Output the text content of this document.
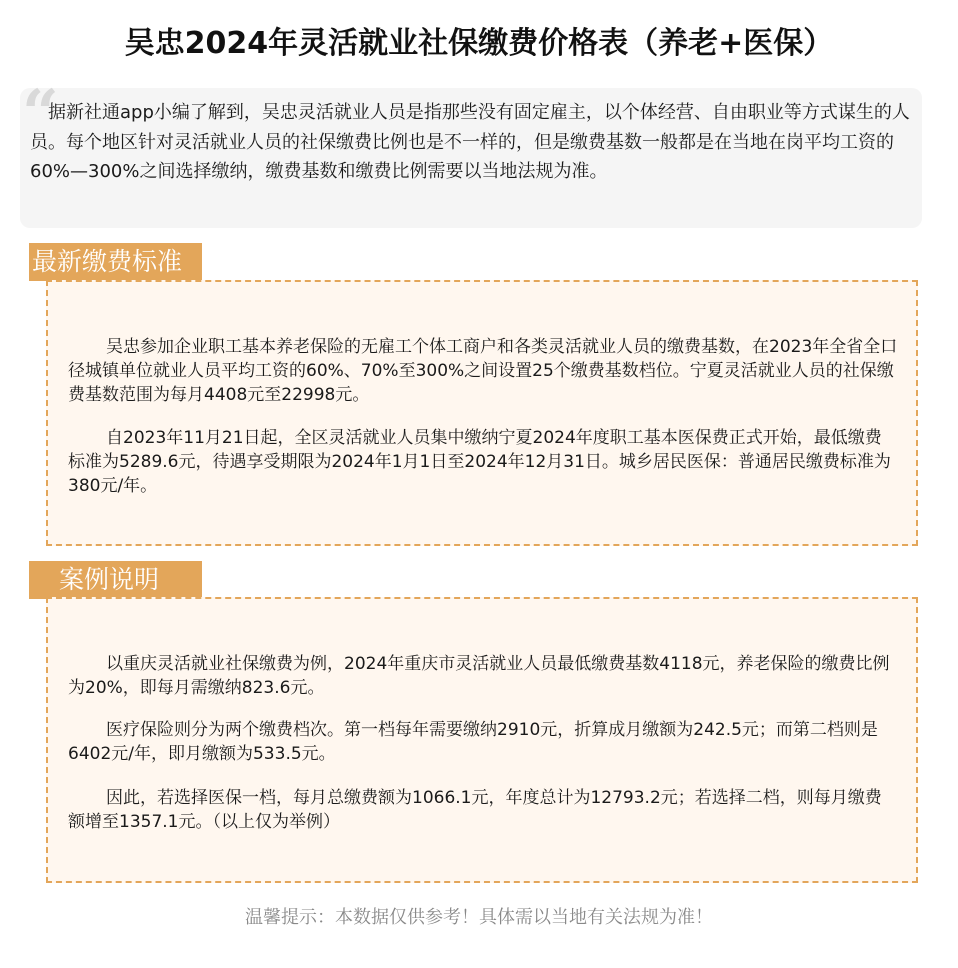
吴忠2024年灵活就业社保缴费价格表（养老+医保）
“

据新社通app小编了解到，吴忠灵活就业人员是指那些没有固定雇主，以个体经营、自由职业等方式谋生的人员。每个地区针对灵活就业人员的社保缴费比例也是不一样的，但是缴费基数一般都是在当地在岗平均工资的60%—300%之间选择缴纳，缴费基数和缴费比例需要以当地法规为准。

最新缴费标准

吴忠参加企业职工基本养老保险的无雇工个体工商户和各类灵活就业人员的缴费基数，在2023年全省全口径城镇单位就业人员平均工资的60%、70%至300%之间设置25个缴费基数档位。宁夏灵活就业人员的社保缴费基数范围为每月4408元至22998元。

自2023年11月21日起，全区灵活就业人员集中缴纳宁夏2024年度职工基本医保费正式开始，最低缴费标准为5289.6元，待遇享受期限为2024年1月1日至2024年12月31日。城乡居民医保：普通居民缴费标准为380元/年。

案例说明

以重庆灵活就业社保缴费为例，2024年重庆市灵活就业人员最低缴费基数4118元，养老保险的缴费比例为20%，即每月需缴纳823.6元。

医疗保险则分为两个缴费档次。第一档每年需要缴纳2910元，折算成月缴额为242.5元；而第二档则是6402元/年，即月缴额为533.5元。

因此，若选择医保一档，每月总缴费额为1066.1元，年度总计为12793.2元；若选择二档，则每月缴费额增至1357.1元。（以上仅为举例）

温馨提示：本数据仅供参考！具体需以当地有关法规为准！
